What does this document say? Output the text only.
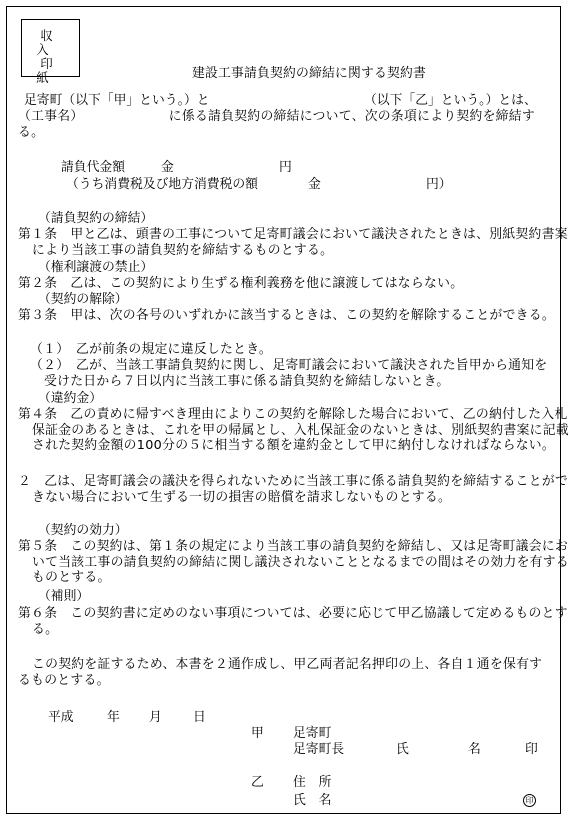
収入
印紙	建設工事請負契約の締結に関する契約書
足寄町（以下「甲」という。）と	（以下「乙」という。）とは、
（工事名）　　　　　　　に係る請負契約の締結について、次の条項により契約を締結する。
請負代金額	金	円
（うち消費税及び地方消費税の額	金	円）
（請負契約の締結）
第１条　甲と乙は、頭書の工事について足寄町議会において議決されたときは、別紙契約書案により当該工事の請負契約を締結するものとする。
（権利譲渡の禁止）
第２条　乙は、この契約により生ずる権利義務を他に譲渡してはならない。
（契約の解除）
第３条　甲は、次の各号のいずれかに該当するときは、この契約を解除することができる。
（１）　乙が前条の規定に違反したとき。
（２）　乙が、当該工事請負契約に関し、足寄町議会において議決された旨甲から通知を受けた日から７日以内に当該工事に係る請負契約を締結しないとき。
（違約金）
第４条　乙の責めに帰すべき理由によりこの契約を解除した場合において、乙の納付した入札保証金のあるときは、これを甲の帰属とし、入札保証金のないときは、別紙契約書案に記載された契約金額の100分の５に相当する額を違約金として甲に納付しなければならない。
２　乙は、足寄町議会の議決を得られないために当該工事に係る請負契約を締結することができない場合において生ずる一切の損害の賠償を請求しないものとする。
（契約の効力）
第５条　この契約は、第１条の規定により当該工事の請負契約を締結し、又は足寄町議会において当該工事の請負契約の締結に関し議決されないこととなるまでの間はその効力を有するものとする。
（補則）
第６条　この契約書に定めのない事項については、必要に応じて甲乙協議して定めるものとする。
この契約を証するため、本書を２通作成し、甲乙両者記名押印の上、各自１通を保有するものとする。
平成	年 月 日
甲 足寄町
足寄町長	氏	名	印
乙 住　所
氏　名	印
